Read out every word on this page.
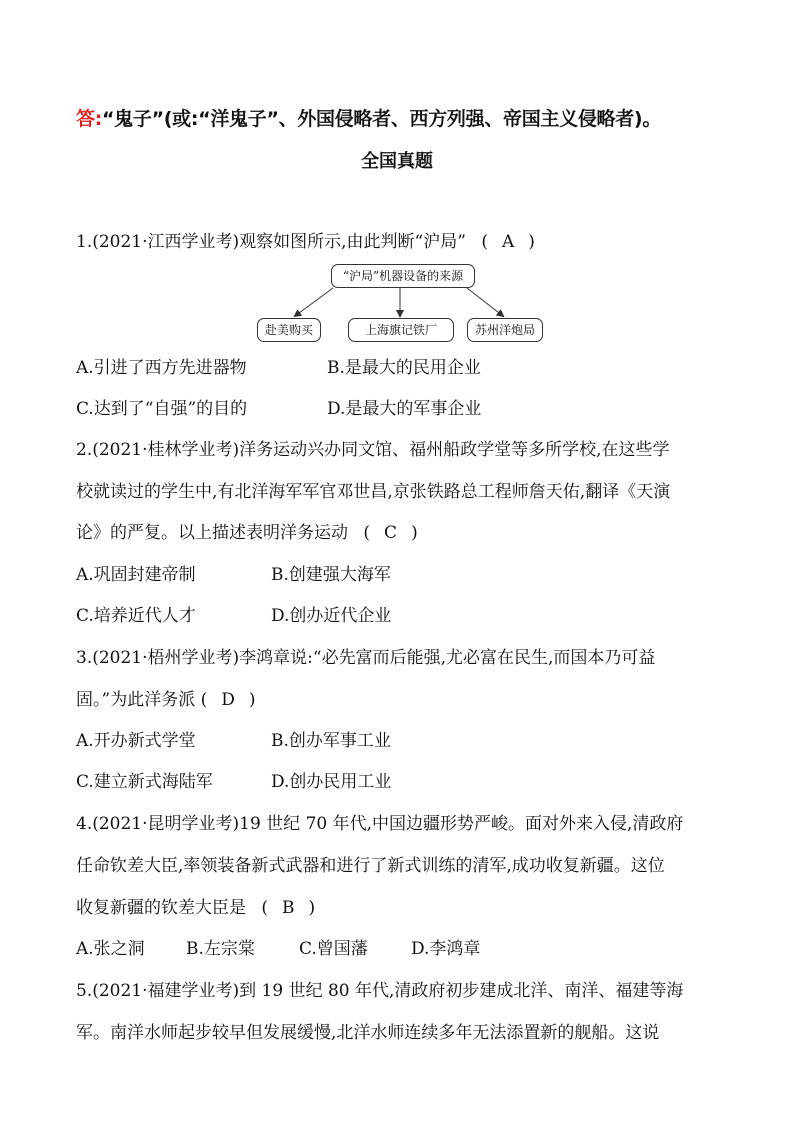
答:“鬼子”(或:“洋鬼子”、外国侵略者、西方列强、帝国主义侵略者)。
全国真题
1.(2021·江西学业考)观察如图所示,由此判断“沪局” ( A )
“沪局”机器设备的来源
赴美购买	上海旗记铁厂	苏州洋炮局
A.引进了西方先进器物	B.是最大的民用企业
C.达到了“自强”的目的	D.是最大的军事企业
2.(2021·桂林学业考)洋务运动兴办同文馆、福州船政学堂等多所学校,在这些学
校就读过的学生中,有北洋海军军官邓世昌,京张铁路总工程师詹天佑,翻译《天演
论》的严复。以上描述表明洋务运动 ( C )
A.巩固封建帝制	B.创建强大海军
C.培养近代人才	D.创办近代企业
3.(2021·梧州学业考)李鸿章说:“必先富而后能强,尤必富在民生,而国本乃可益
固。”为此洋务派 ( D )
A.开办新式学堂	B.创办军事工业
C.建立新式海陆军	D.创办民用工业
4.(2021·昆明学业考)19 世纪 70 年代,中国边疆形势严峻。面对外来入侵,清政府
任命钦差大臣,率领装备新式武器和进行了新式训练的清军,成功收复新疆。这位
收复新疆的钦差大臣是 ( B )
A.张之洞 B.左宗棠	C.曾国藩	D.李鸿章
5.(2021·福建学业考)到 19 世纪 80 年代,清政府初步建成北洋、南洋、福建等海
军。南洋水师起步较早但发展缓慢,北洋水师连续多年无法添置新的舰船。这说
